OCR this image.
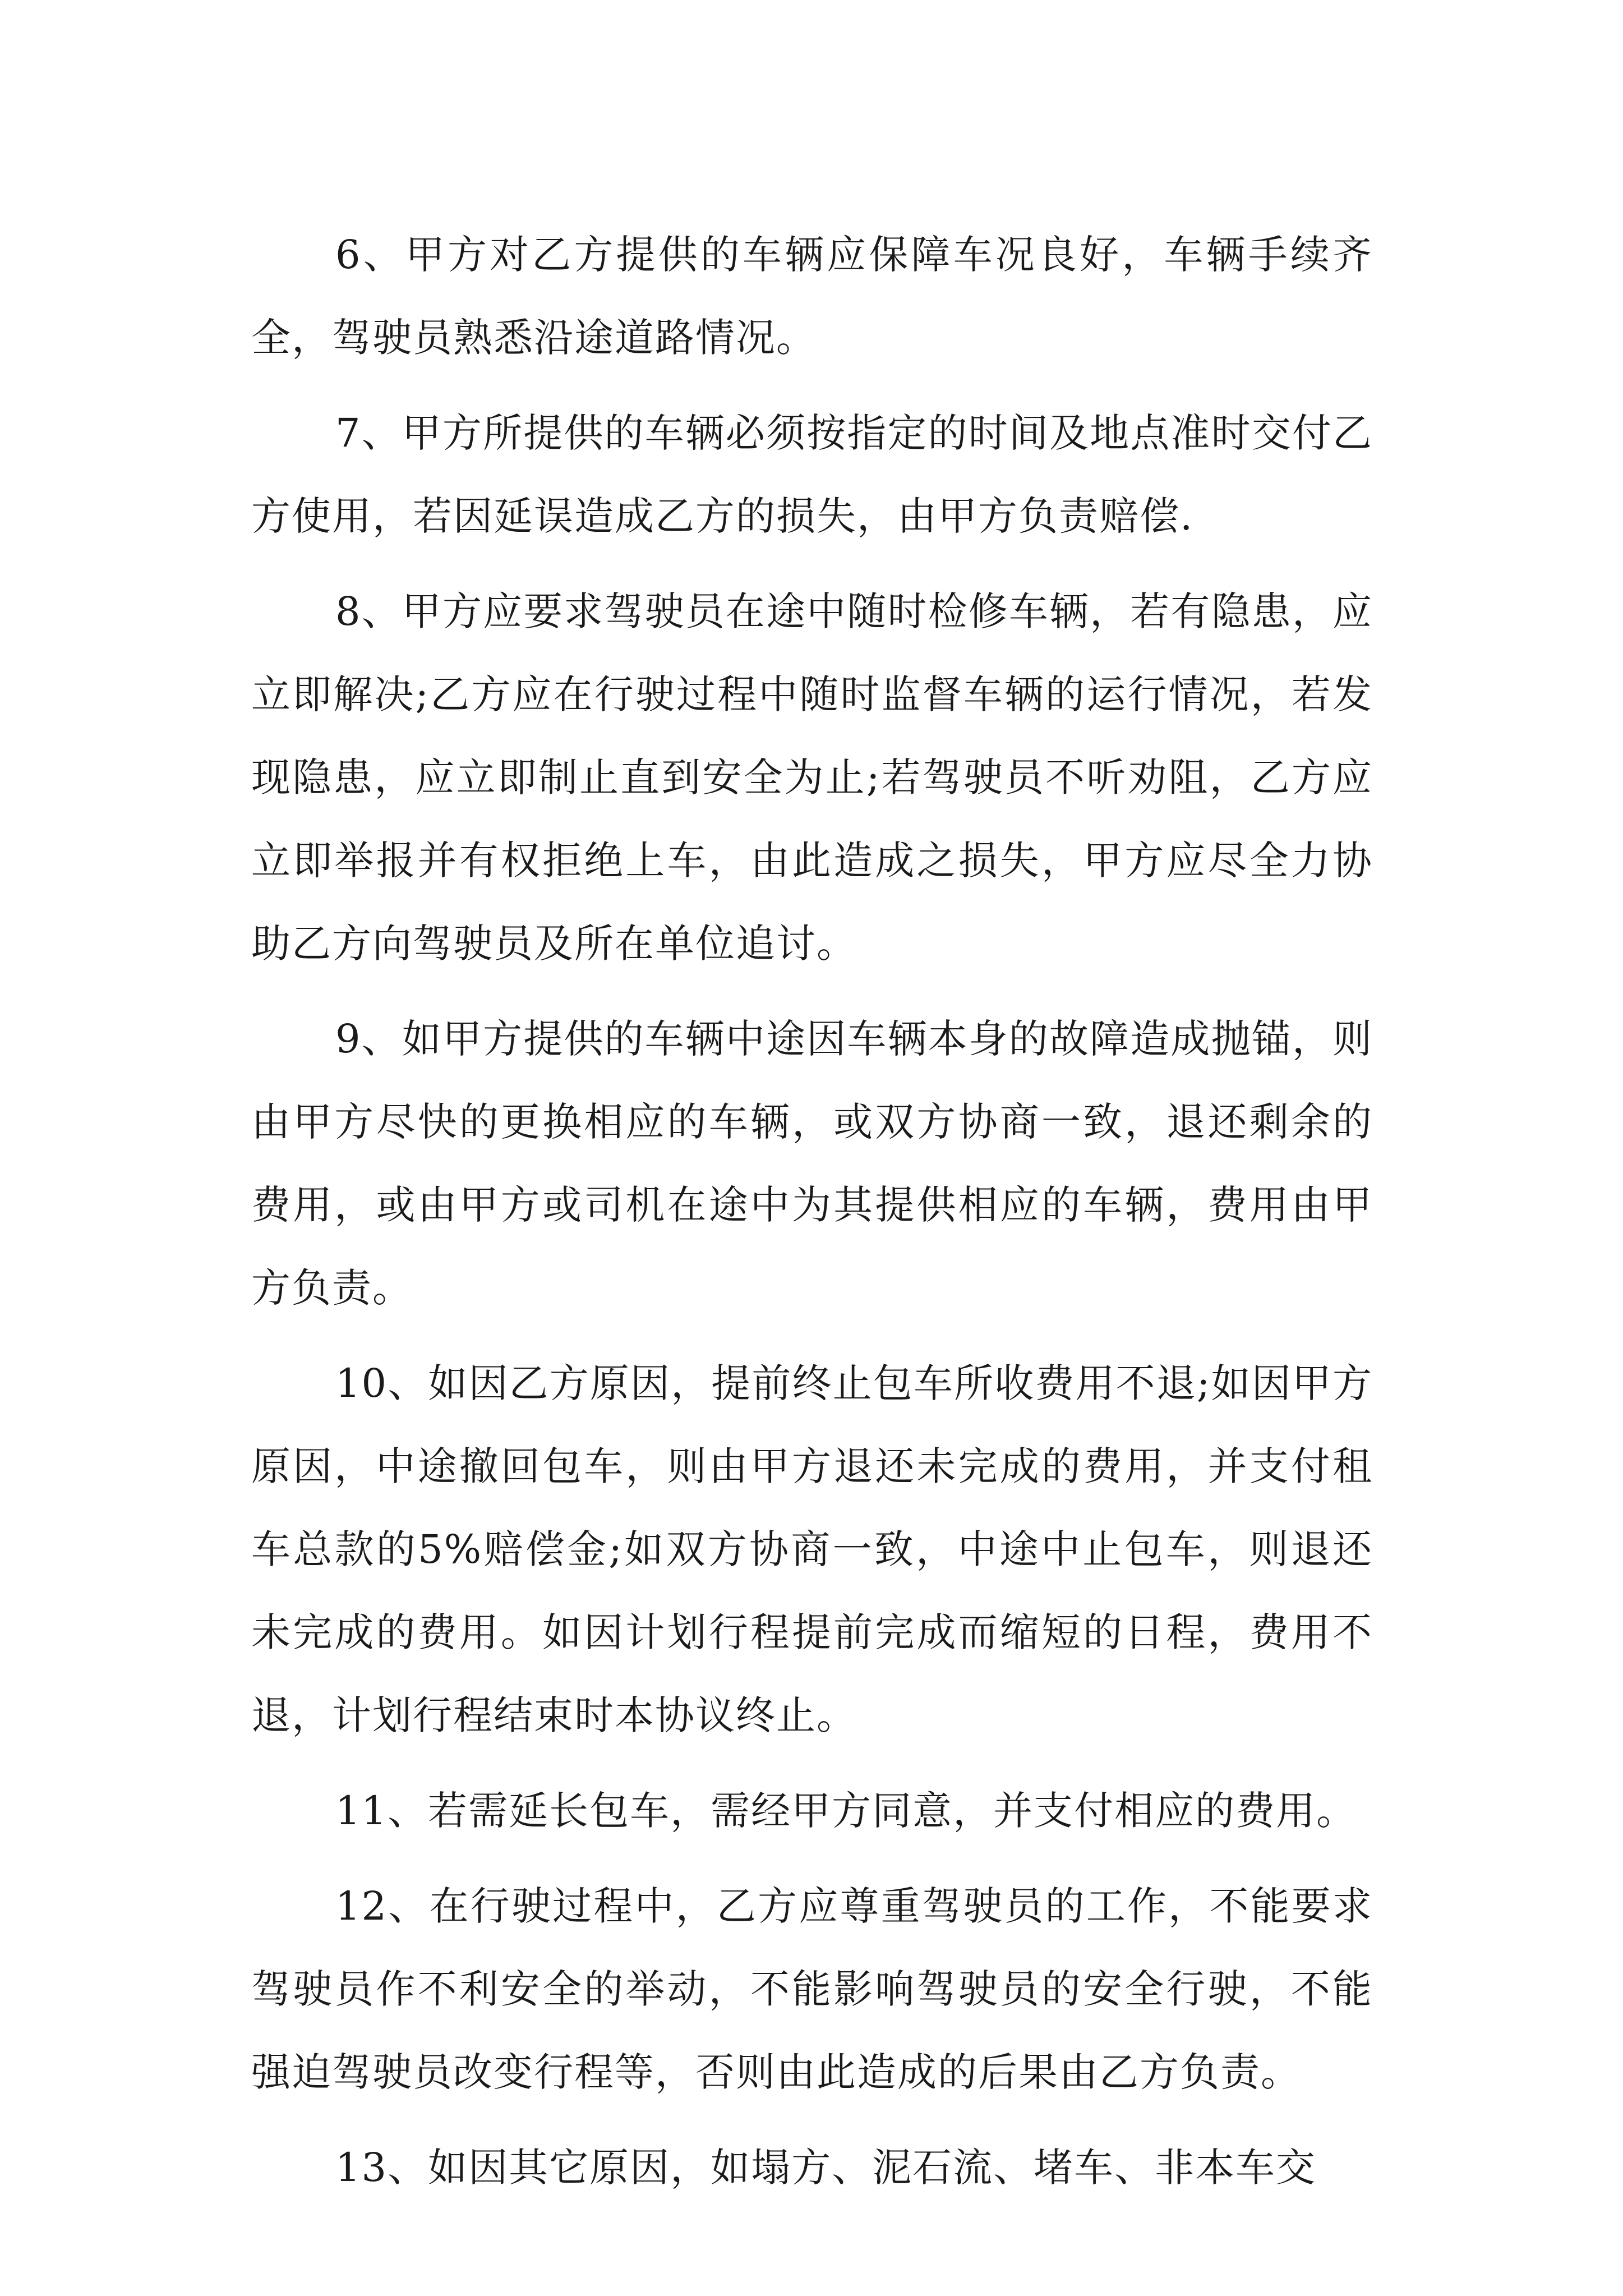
6、甲方对乙方提供的车辆应保障车况良好，车辆手续齐全，驾驶员熟悉沿途道路情况。

7、甲方所提供的车辆必须按指定的时间及地点准时交付乙方使用，若因延误造成乙方的损失，由甲方负责赔偿.

8、甲方应要求驾驶员在途中随时检修车辆，若有隐患，应立即解决;乙方应在行驶过程中随时监督车辆的运行情况，若发现隐患，应立即制止直到安全为止;若驾驶员不听劝阻，乙方应立即举报并有权拒绝上车，由此造成之损失，甲方应尽全力协助乙方向驾驶员及所在单位追讨。

9、如甲方提供的车辆中途因车辆本身的故障造成抛锚，则由甲方尽快的更换相应的车辆，或双方协商一致，退还剩余的费用，或由甲方或司机在途中为其提供相应的车辆，费用由甲方负责。

10、如因乙方原因，提前终止包车所收费用不退;如因甲方原因，中途撤回包车，则由甲方退还未完成的费用，并支付租车总款的5%赔偿金;如双方协商一致，中途中止包车，则退还未完成的费用。如因计划行程提前完成而缩短的日程，费用不退，计划行程结束时本协议终止。

11、若需延长包车，需经甲方同意，并支付相应的费用。

12、在行驶过程中，乙方应尊重驾驶员的工作，不能要求驾驶员作不利安全的举动，不能影响驾驶员的安全行驶，不能强迫驾驶员改变行程等，否则由此造成的后果由乙方负责。

13、如因其它原因，如塌方、泥石流、堵车、非本车交
